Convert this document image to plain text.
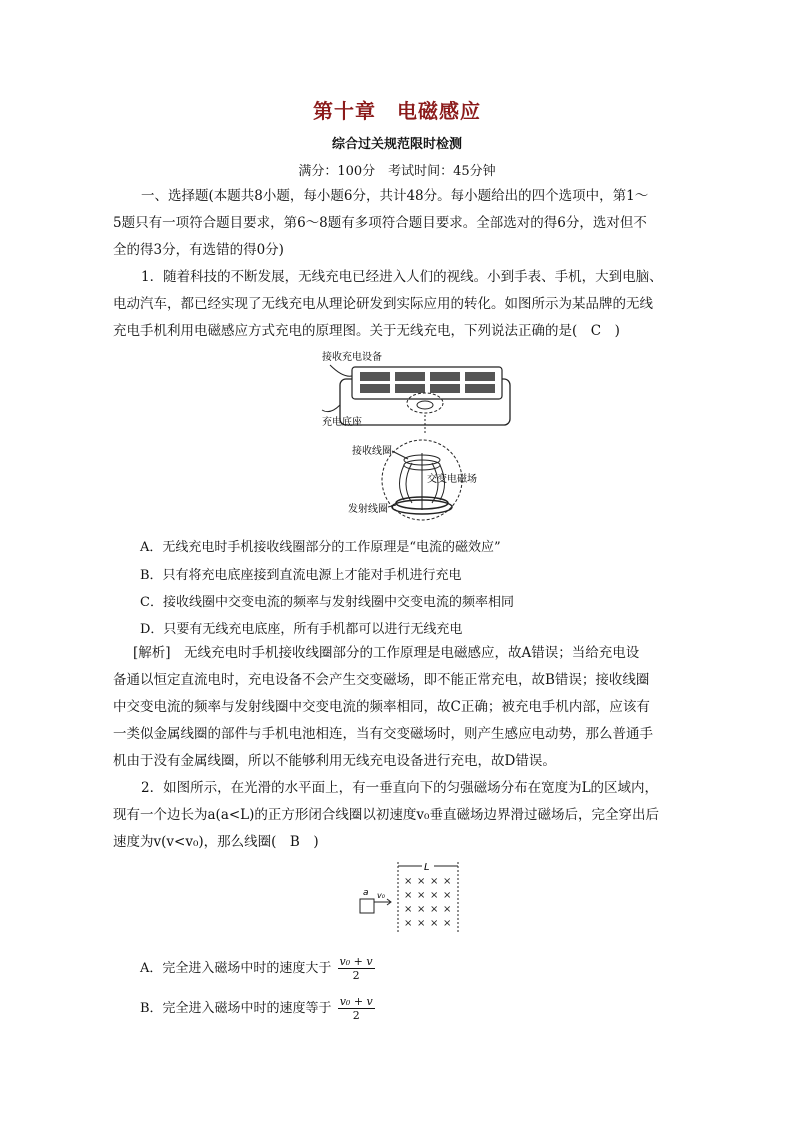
第十章　电磁感应
综合过关规范限时检测
满分：100分　考试时间：45分钟
一、选择题(本题共8小题，每小题6分，共计48分。每小题给出的四个选项中，第1～
5题只有一项符合题目要求，第6～8题有多项符合题目要求。全部选对的得6分，选对但不
全的得3分，有选错的得0分)
1．随着科技的不断发展，无线充电已经进入人们的视线。小到手表、手机，大到电脑、
电动汽车，都已经实现了无线充电从理论研发到实际应用的转化。如图所示为某品牌的无线
充电手机利用电磁感应方式充电的原理图。关于无线充电，下列说法正确的是(　C　)
接收充电设备
充电底座
接收线圈
交变电磁场
发射线圈
A．无线充电时手机接收线圈部分的工作原理是“电流的磁效应”
B．只有将充电底座接到直流电源上才能对手机进行充电
C．接收线圈中交变电流的频率与发射线圈中交变电流的频率相同
D．只要有无线充电底座，所有手机都可以进行无线充电
[解析]　无线充电时手机接收线圈部分的工作原理是电磁感应，故A错误；当给充电设
备通以恒定直流电时，充电设备不会产生交变磁场，即不能正常充电，故B错误；接收线圈
中交变电流的频率与发射线圈中交变电流的频率相同，故C正确；被充电手机内部，应该有
一类似金属线圈的部件与手机电池相连，当有交变磁场时，则产生感应电动势，那么普通手
机由于没有金属线圈，所以不能够利用无线充电设备进行充电，故D错误。
2．如图所示，在光滑的水平面上，有一垂直向下的匀强磁场分布在宽度为L的区域内，
现有一个边长为a(a<L)的正方形闭合线圈以初速度v₀垂直磁场边界滑过磁场后，完全穿出后
速度为v(v<v₀)，那么线圈(　B　)
L
× × × ×
× × × ×
× × × ×
× × × ×
a v₀
A．完全进入磁场中时的速度大于 $\frac{\text{v₀ + v}}{2}$
B．完全进入磁场中时的速度等于 $\frac{\text{v₀ + v}}{2}$
